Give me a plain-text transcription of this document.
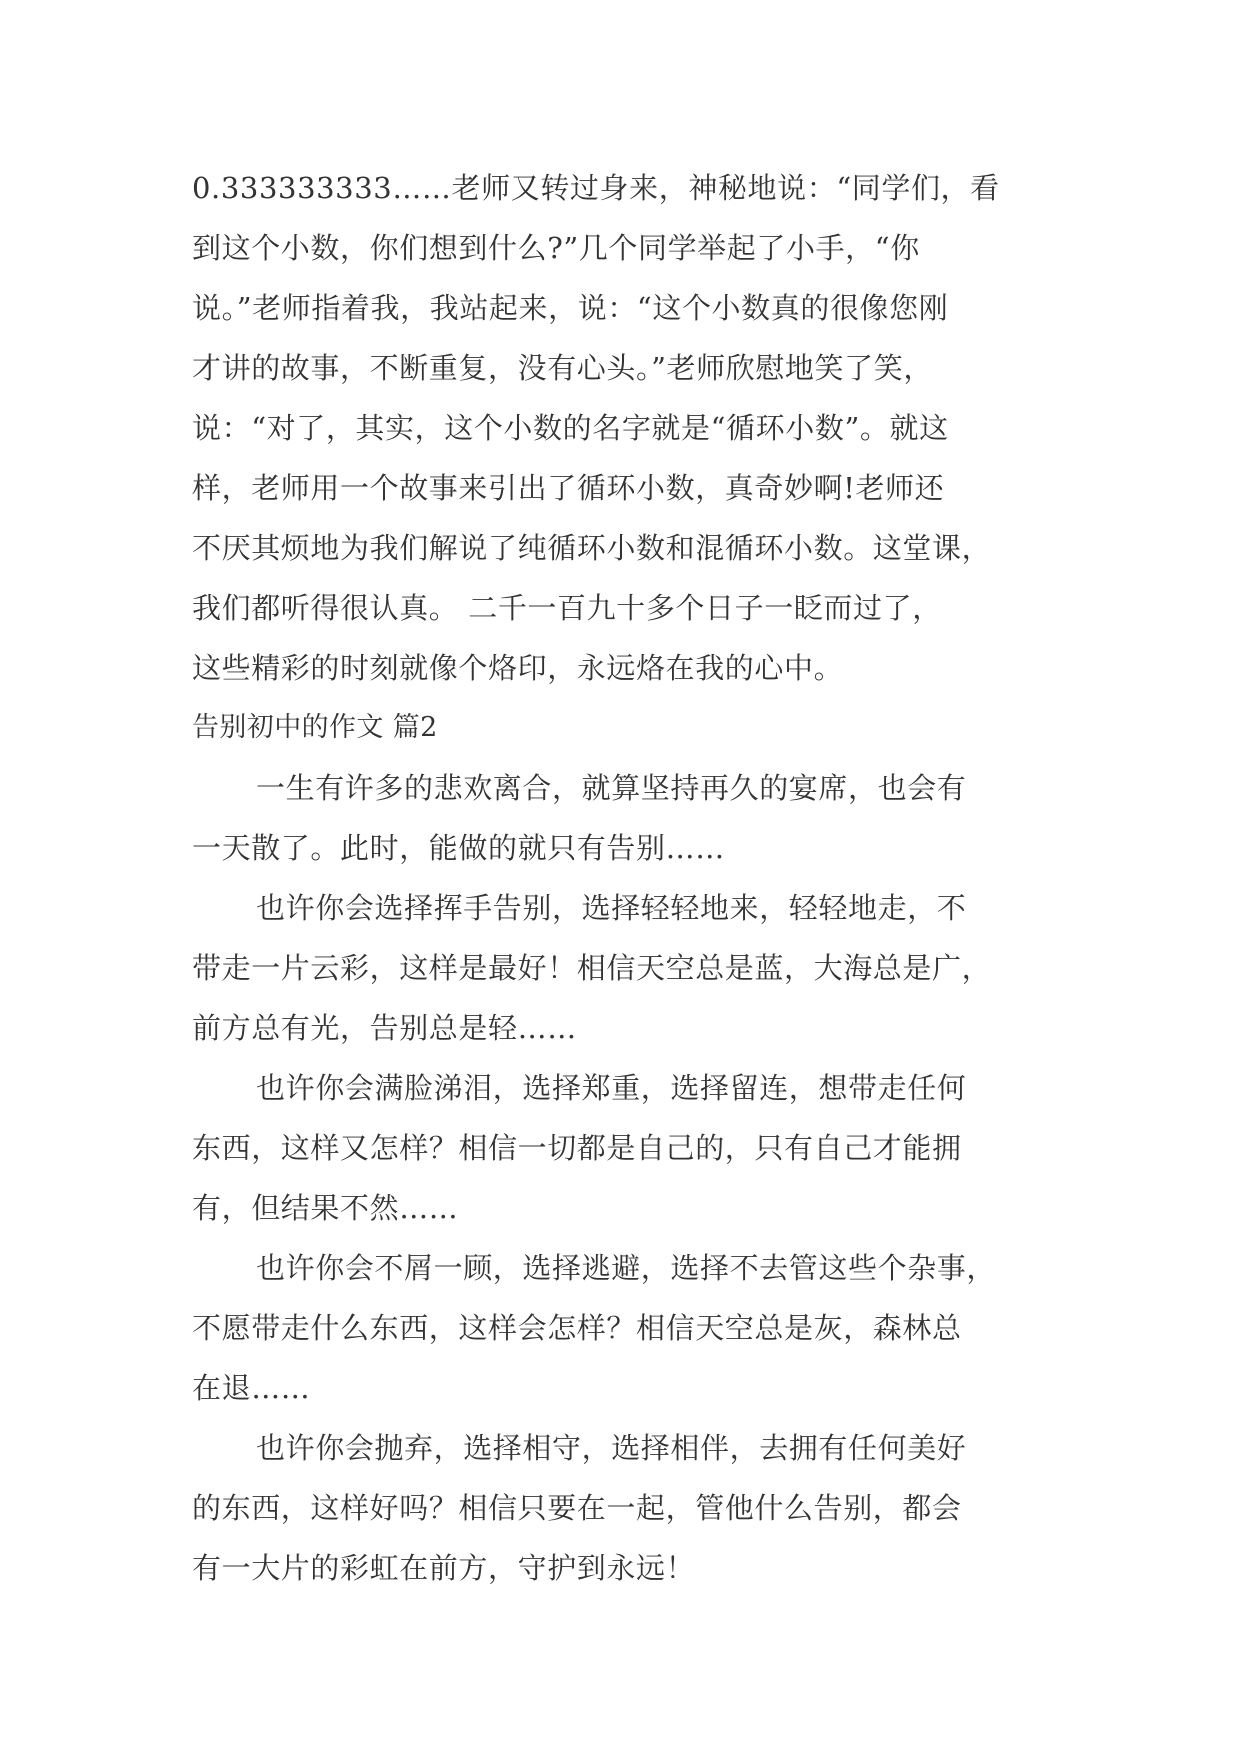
0.333333333……老师又转过身来，神秘地说：“同学们，看
到这个小数，你们想到什么?”几个同学举起了小手，“你
说。”老师指着我，我站起来，说：“这个小数真的很像您刚
才讲的故事，不断重复，没有心头。”老师欣慰地笑了笑，
说：“对了，其实，这个小数的名字就是“循环小数”。就这
样，老师用一个故事来引出了循环小数，真奇妙啊!老师还
不厌其烦地为我们解说了纯循环小数和混循环小数。这堂课，
我们都听得很认真。 二千一百九十多个日子一眨而过了，
这些精彩的时刻就像个烙印，永远烙在我的心中。
告别初中的作文 篇2
一生有许多的悲欢离合，就算坚持再久的宴席，也会有
一天散了。此时，能做的就只有告别……
也许你会选择挥手告别，选择轻轻地来，轻轻地走，不
带走一片云彩，这样是最好！相信天空总是蓝，大海总是广，
前方总有光，告别总是轻……
也许你会满脸涕泪，选择郑重，选择留连，想带走任何
东西，这样又怎样？相信一切都是自己的，只有自己才能拥
有，但结果不然……
也许你会不屑一顾，选择逃避，选择不去管这些个杂事，
不愿带走什么东西，这样会怎样？相信天空总是灰，森林总
在退……
也许你会抛弃，选择相守，选择相伴，去拥有任何美好
的东西，这样好吗？相信只要在一起，管他什么告别，都会
有一大片的彩虹在前方，守护到永远！
